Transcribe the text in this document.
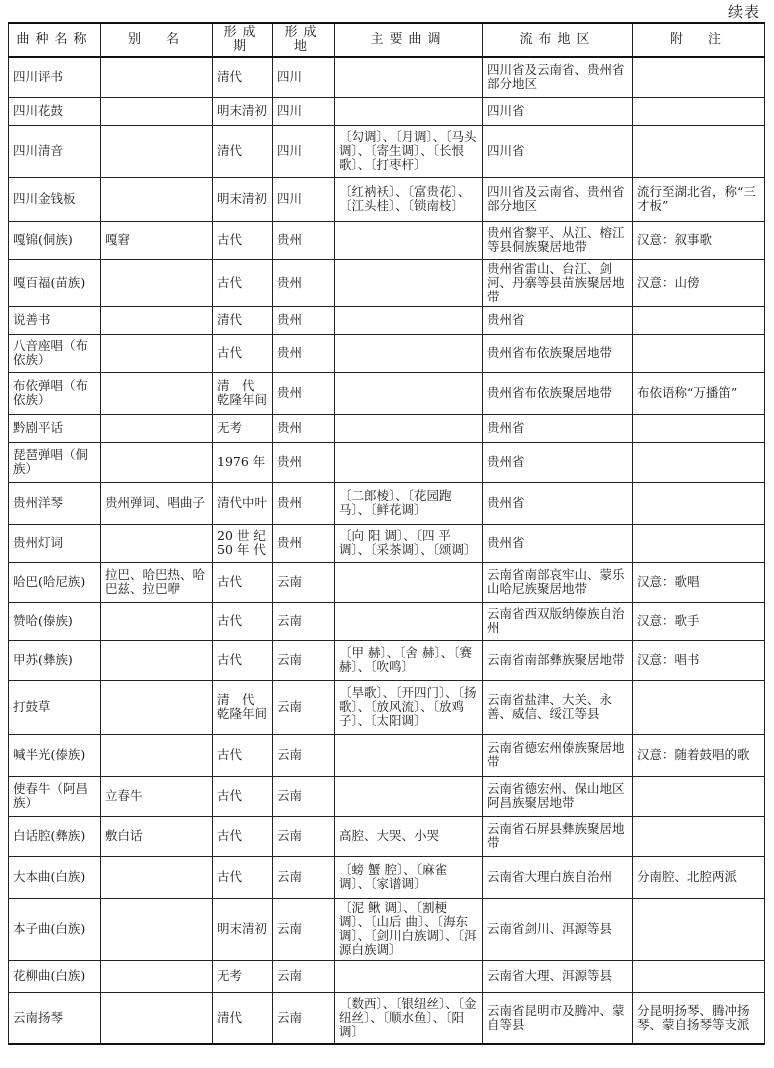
续表
曲种名称	别　名	形成期	形成地	主要曲调	流布地区	附　注
四川评书		清代	四川		四川省及云南省、贵州省部分地区	
四川花鼓		明末清初	四川		四川省	
四川清音		清代	四川	〔勾调〕、〔月调〕、〔马头调〕、〔寄生调〕、〔长恨歌〕、〔打枣杆〕	四川省	
四川金钱板		明末清初	四川	〔红衲袄〕、〔富贵花〕、〔江头桂〕、〔锁南枝〕	四川省及云南省、贵州省部分地区	流行至湖北省，称“三才板”
嘎锦(侗族)	嘎窘	古代	贵州		贵州省黎平、从江、榕江等县侗族聚居地带	汉意：叙事歌
嘎百福(苗族)		古代	贵州		贵州省雷山、台江、剑河、丹寨等县苗族聚居地带	汉意：山傍
说善书		清代	贵州		贵州省	
八音座唱（布依族）		古代	贵州		贵州省布依族聚居地带	
布依弹唱（布依族）		清　代 乾隆年间	贵州		贵州省布依族聚居地带	布依语称“万播笛”
黔剧平话		无考	贵州		贵州省	
琵琶弹唱（侗族）		1976 年	贵州		贵州省	
贵州洋琴	贵州弹词、唱曲子	清代中叶	贵州	〔二郎棱〕、〔花园跑马〕、〔鲜花调〕	贵州省	
贵州灯词		20 世 纪 50 年 代	贵州	〔向 阳 调〕、〔四 平 调〕、〔采茶调〕、〔颂调〕	贵州省	
哈巴(哈尼族)	拉巴、哈巴热、哈巴兹、拉巴咿	古代	云南		云南省南部哀牢山、蒙乐山哈尼族聚居地带	汉意：歌唱
赞哈(傣族)		古代	云南		云南省西双版纳傣族自治州	汉意：歌手
甲苏(彝族)		古代	云南	〔甲 赫〕、〔舍 赫〕、〔赛赫〕、〔吹鸣〕	云南省南部彝族聚居地带	汉意：唱书
打鼓草		清　代 乾隆年间	云南	〔旱歌〕、〔开四门〕、〔扬歌〕、〔放风流〕、〔放鸡子〕、〔太阳调〕	云南省盐津、大关、永善、威信、绥江等县	
喊半光(傣族)		古代	云南		云南省德宏州傣族聚居地带	汉意：随着鼓唱的歌
使春牛（阿昌族）	立春牛	古代	云南		云南省德宏州、保山地区阿昌族聚居地带	
白话腔(彝族)	敷白话	古代	云南	高腔、大哭、小哭	云南省石屏县彝族聚居地带	
大本曲(白族)		古代	云南	〔螃 蟹 腔〕、〔麻雀调〕、〔家谱调〕	云南省大理白族自治州	分南腔、北腔两派
本子曲(白族)		明末清初	云南	〔泥 鳅 调〕、〔割梗调〕、〔山后 曲〕、〔海东调〕、〔剑川白族调〕、〔洱源白族调〕	云南省剑川、洱源等县	
花柳曲(白族)		无考	云南		云南省大理、洱源等县	
云南扬琴		清代	云南	〔数西〕、〔银纽丝〕、〔金纽丝〕、〔顺水鱼〕、〔阳调〕	云南省昆明市及腾冲、蒙自等县	分昆明扬琴、腾冲扬琴、蒙自扬琴等支派
